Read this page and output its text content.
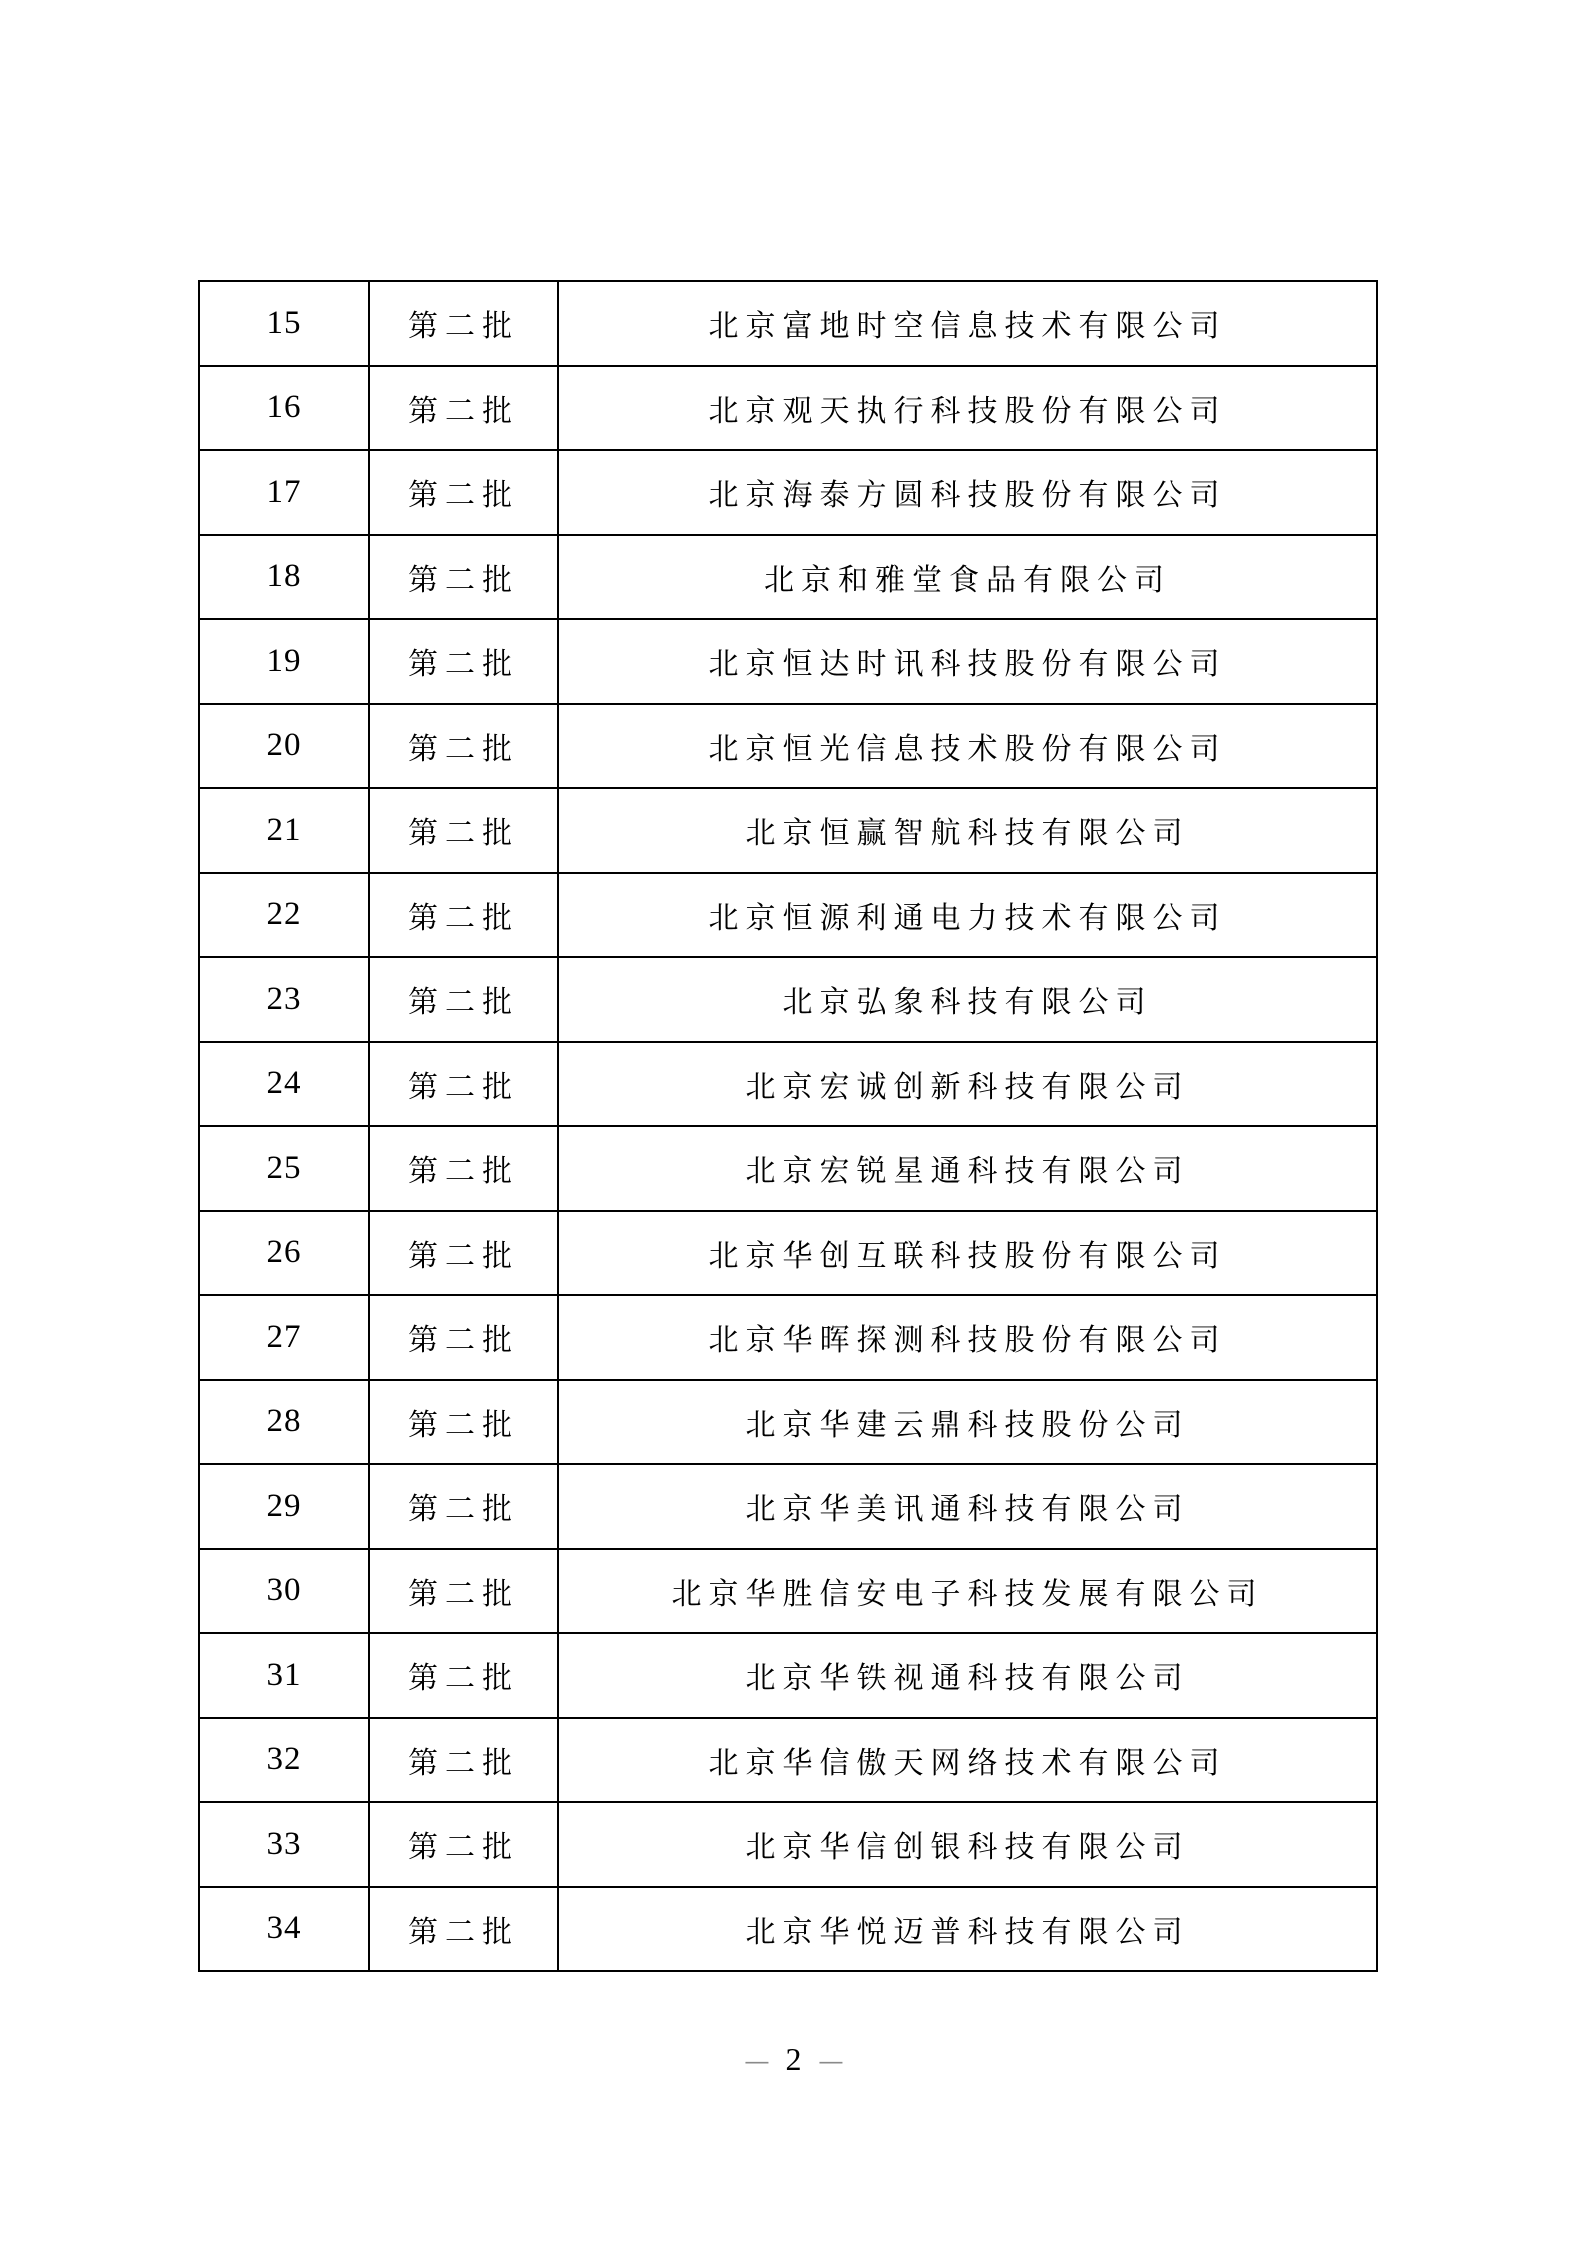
15	第二批	北京富地时空信息技术有限公司
16	第二批	北京观天执行科技股份有限公司
17	第二批	北京海泰方圆科技股份有限公司
18	第二批	北京和雅堂食品有限公司
19	第二批	北京恒达时讯科技股份有限公司
20	第二批	北京恒光信息技术股份有限公司
21	第二批	北京恒赢智航科技有限公司
22	第二批	北京恒源利通电力技术有限公司
23	第二批	北京弘象科技有限公司
24	第二批	北京宏诚创新科技有限公司
25	第二批	北京宏锐星通科技有限公司
26	第二批	北京华创互联科技股份有限公司
27	第二批	北京华晖探测科技股份有限公司
28	第二批	北京华建云鼎科技股份公司
29	第二批	北京华美讯通科技有限公司
30	第二批	北京华胜信安电子科技发展有限公司
31	第二批	北京华铁视通科技有限公司
32	第二批	北京华信傲天网络技术有限公司
33	第二批	北京华信创银科技有限公司
34	第二批	北京华悦迈普科技有限公司
– 2 –
